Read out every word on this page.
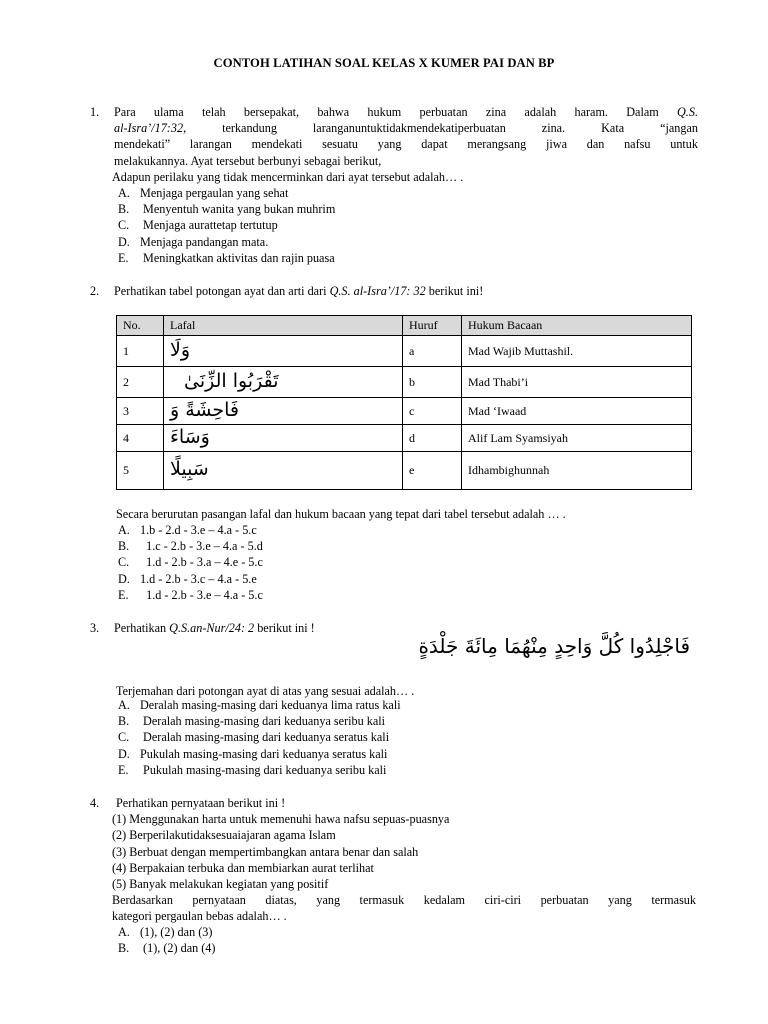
CONTOH LATIHAN SOAL KELAS X KUMER PAI DAN BP
1. Para ulama telah bersepakat, bahwa hukum perbuatan zina adalah haram. Dalam Q.S.
al-Isra’/17:32, terkandung laranganuntuktidakmendekatiperbuatan zina. Kata “jangan
mendekati” larangan mendekati sesuatu yang dapat merangsang jiwa dan nafsu untuk
melakukannya. Ayat tersebut berbunyi sebagai berikut,
Adapun perilaku yang tidak mencerminkan dari ayat tersebut adalah… .
A. Menjaga pergaulan yang sehat
B. Menyentuh wanita yang bukan muhrim
C. Menjaga aurattetap tertutup
D. Menjaga pandangan mata.
E. Meningkatkan aktivitas dan rajin puasa
2. Perhatikan tabel potongan ayat dan arti dari Q.S. al-Isra’/17: 32 berikut ini!
No.	Lafal	Huruf	Hukum Bacaan
1	وَلَا	a	Mad Wajib Muttashil.
2	تَقْرَبُوا الزِّنَىٰ	b	Mad Thabi’i
3	فَاحِشَةً وَ	c	Mad ‘Iwaad
4	وَسَاءَ	d	Alif Lam Syamsiyah
5	سَبِيلًا	e	Idhambighunnah
Secara berurutan pasangan lafal dan hukum bacaan yang tepat dari tabel tersebut adalah … .
A. 1.b - 2.d - 3.e – 4.a - 5.c
B.  1.c - 2.b - 3.e – 4.a - 5.d
C.  1.d - 2.b - 3.a – 4.e - 5.c
D. 1.d - 2.b - 3.c – 4.a - 5.e
E.  1.d - 2.b - 3.e – 4.a - 5.c
3. Perhatikan Q.S.an-Nur/24: 2 berikut ini !
فَاجْلِدُوا كُلَّ وَاحِدٍ مِنْهُمَا مِائَةَ جَلْدَةٍ
Terjemahan dari potongan ayat di atas yang sesuai adalah… .
A. Deralah masing-masing dari keduanya lima ratus kali
B. Deralah masing-masing dari keduanya seribu kali
C. Deralah masing-masing dari keduanya seratus kali
D. Pukulah masing-masing dari keduanya seratus kali
E. Pukulah masing-masing dari keduanya seribu kali
4. Perhatikan pernyataan berikut ini !
(1) Menggunakan harta untuk memenuhi hawa nafsu sepuas-puasnya
(2) Berperilakutidaksesuaiajaran agama Islam
(3) Berbuat dengan mempertimbangkan antara benar dan salah
(4) Berpakaian terbuka dan membiarkan aurat terlihat
(5) Banyak melakukan kegiatan yang positif
Berdasarkan pernyataan diatas, yang termasuk kedalam ciri-ciri perbuatan yang termasuk
kategori pergaulan bebas adalah… .
A. (1), (2) dan (3)
B. (1), (2) dan (4)
